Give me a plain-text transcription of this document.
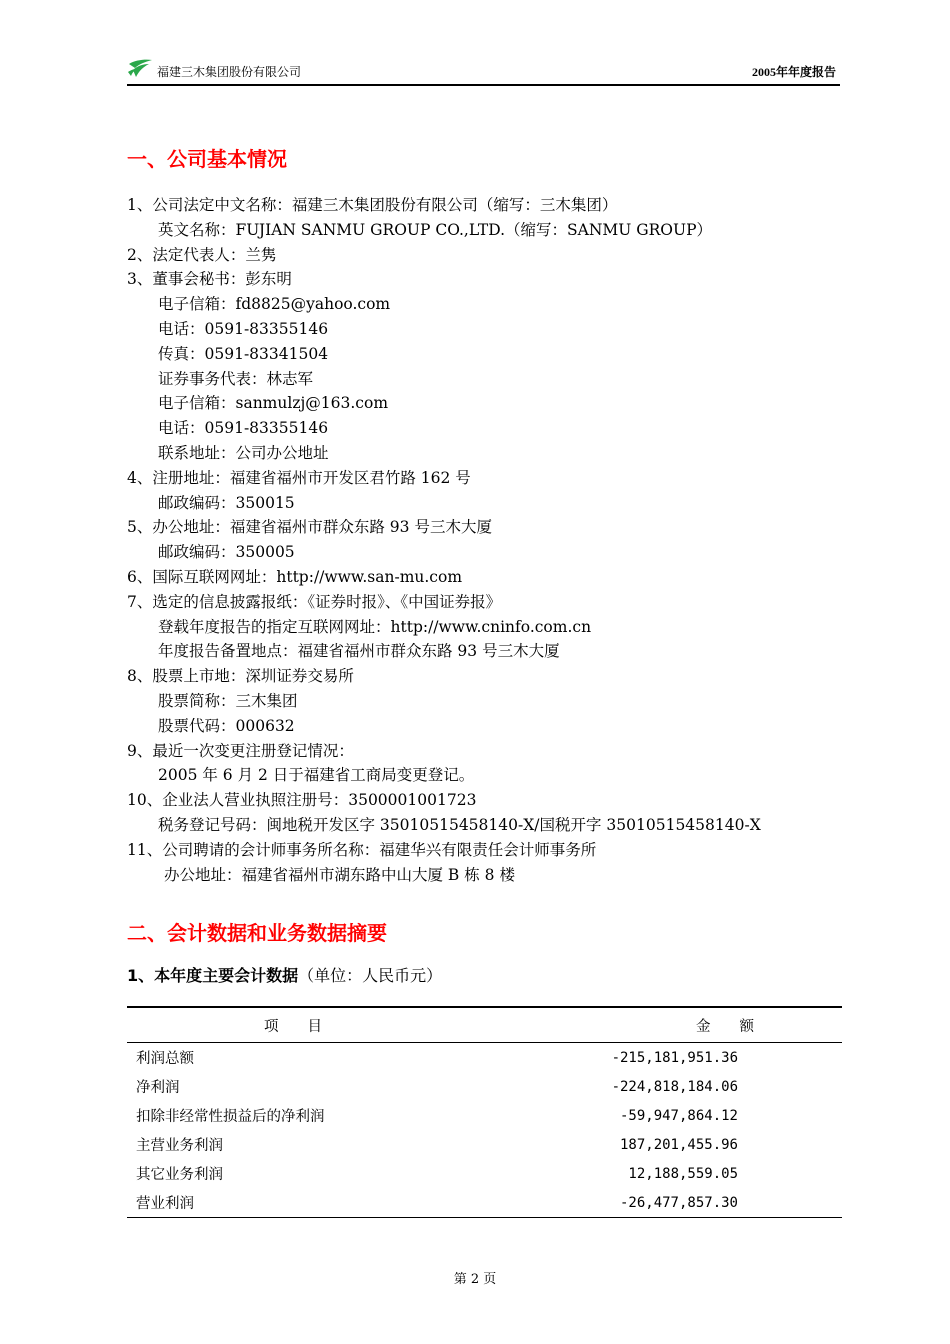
福建三木集团股份有限公司	2005年年度报告
一、公司基本情况
1、公司法定中文名称：福建三木集团股份有限公司（缩写：三木集团）
英文名称：FUJIAN SANMU GROUP CO.,LTD.（缩写：SANMU GROUP）
2、法定代表人：兰隽
3、董事会秘书：彭东明
电子信箱：fd8825@yahoo.com
电话：0591-83355146
传真：0591-83341504
证券事务代表：林志军
电子信箱：sanmulzj@163.com
电话：0591-83355146
联系地址：公司办公地址
4、注册地址：福建省福州市开发区君竹路 162 号
邮政编码：350015
5、办公地址：福建省福州市群众东路 93 号三木大厦
邮政编码：350005
6、国际互联网网址：http://www.san-mu.com
7、选定的信息披露报纸：《证券时报》、《中国证券报》
登载年度报告的指定互联网网址：http://www.cninfo.com.cn
年度报告备置地点：福建省福州市群众东路 93 号三木大厦
8、股票上市地：深圳证券交易所
股票简称：三木集团
股票代码：000632
9、最近一次变更注册登记情况：
2005 年 6 月 2 日于福建省工商局变更登记。
10、企业法人营业执照注册号：3500001001723
税务登记号码：闽地税开发区字 35010515458140-X/国税开字 35010515458140-X
11、公司聘请的会计师事务所名称：福建华兴有限责任会计师事务所
办公地址：福建省福州市湖东路中山大厦 B 栋 8 楼
二、会计数据和业务数据摘要
1、本年度主要会计数据（单位：人民币元）
项　　目	金　　额
利润总额	-215,181,951.36
净利润	-224,818,184.06
扣除非经常性损益后的净利润	-59,947,864.12
主营业务利润	187,201,455.96
其它业务利润	12,188,559.05
营业利润	-26,477,857.30
第 2 页
